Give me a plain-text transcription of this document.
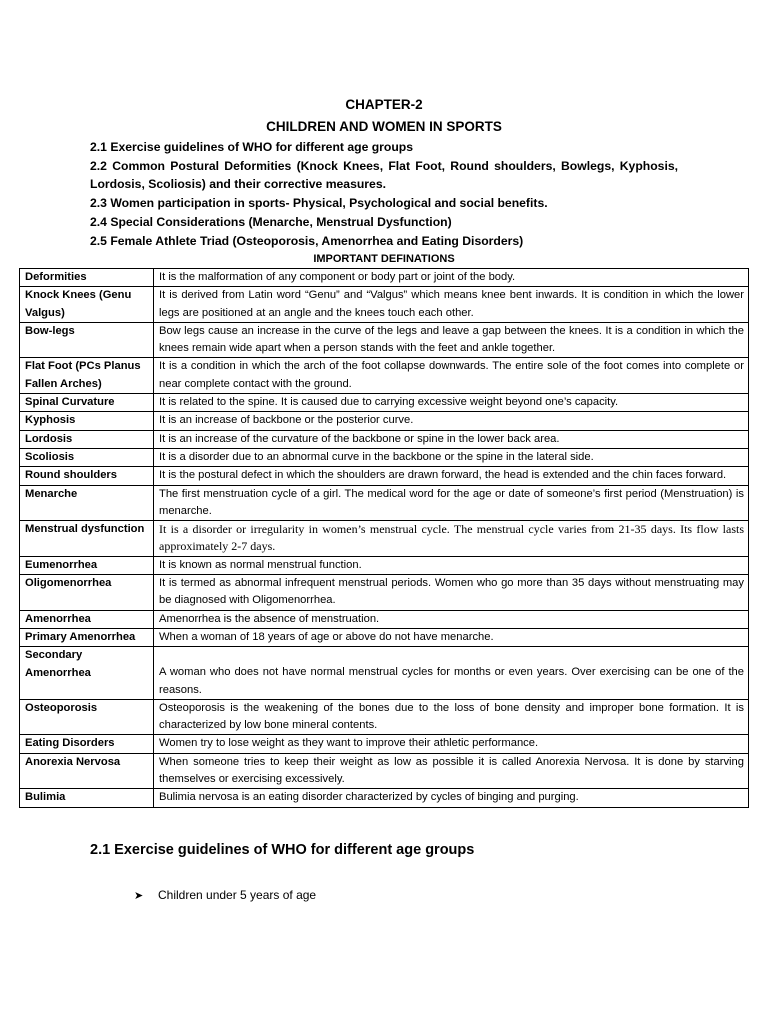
CHAPTER-2
CHILDREN AND WOMEN IN SPORTS
2.1 Exercise guidelines of WHO for different age groups
2.2 Common Postural Deformities (Knock Knees, Flat Foot, Round shoulders, Bowlegs, Kyphosis, Lordosis, Scoliosis) and their corrective measures.
2.3 Women participation in sports- Physical, Psychological and social benefits.
2.4 Special Considerations (Menarche, Menstrual Dysfunction)
2.5 Female Athlete Triad (Osteoporosis, Amenorrhea and Eating Disorders)
IMPORTANT DEFINATIONS
Deformities	It is the malformation of any component or body part or joint of the body.
Knock Knees (Genu Valgus)	It is derived from Latin word “Genu” and “Valgus” which means knee bent inwards. It is condition in which the lower legs are positioned at an angle and the knees touch each other.
Bow-legs	Bow legs cause an increase in the curve of the legs and leave a gap between the knees. It is a condition in which the knees remain wide apart when a person stands with the feet and ankle together.
Flat Foot (PCs Planus Fallen Arches)	It is a condition in which the arch of the foot collapse downwards. The entire sole of the foot comes into complete or near complete contact with the ground.
Spinal Curvature	It is related to the spine. It is caused due to carrying excessive weight beyond one’s capacity.
Kyphosis	It is an increase of backbone or the posterior curve.
Lordosis	It is an increase of the curvature of the backbone or spine in the lower back area.
Scoliosis	It is a disorder due to an abnormal curve in the backbone or the spine in the lateral side.
Round shoulders	It is the postural defect in which the shoulders are drawn forward, the head is extended and the chin faces forward.
Menarche	The first menstruation cycle of a girl. The medical word for the age or date of someone’s first period (Menstruation) is menarche.
Menstrual dysfunction	It is a disorder or irregularity in women’s menstrual cycle. The menstrual cycle varies from 21-35 days. Its flow lasts approximately 2-7 days.
Eumenorrhea	It is known as normal menstrual function.
Oligomenorrhea	It is termed as abnormal infrequent menstrual periods. Women who go more than 35 days without menstruating may be diagnosed with Oligomenorrhea.
Amenorrhea	Amenorrhea is the absence of menstruation.
Primary Amenorrhea	When a woman of 18 years of age or above do not have menarche.
Secondary Amenorrhea	A woman who does not have normal menstrual cycles for months or even years. Over exercising can be one of the reasons.
Osteoporosis	Osteoporosis is the weakening of the bones due to the loss of bone density and improper bone formation. It is characterized by low bone mineral contents.
Eating Disorders	Women try to lose weight as they want to improve their athletic performance.
Anorexia Nervosa	When someone tries to keep their weight as low as possible it is called Anorexia Nervosa. It is done by starving themselves or exercising excessively.
Bulimia	Bulimia nervosa is an eating disorder characterized by cycles of binging and purging.
2.1 Exercise guidelines of WHO for different age groups
➤ Children under 5 years of age
